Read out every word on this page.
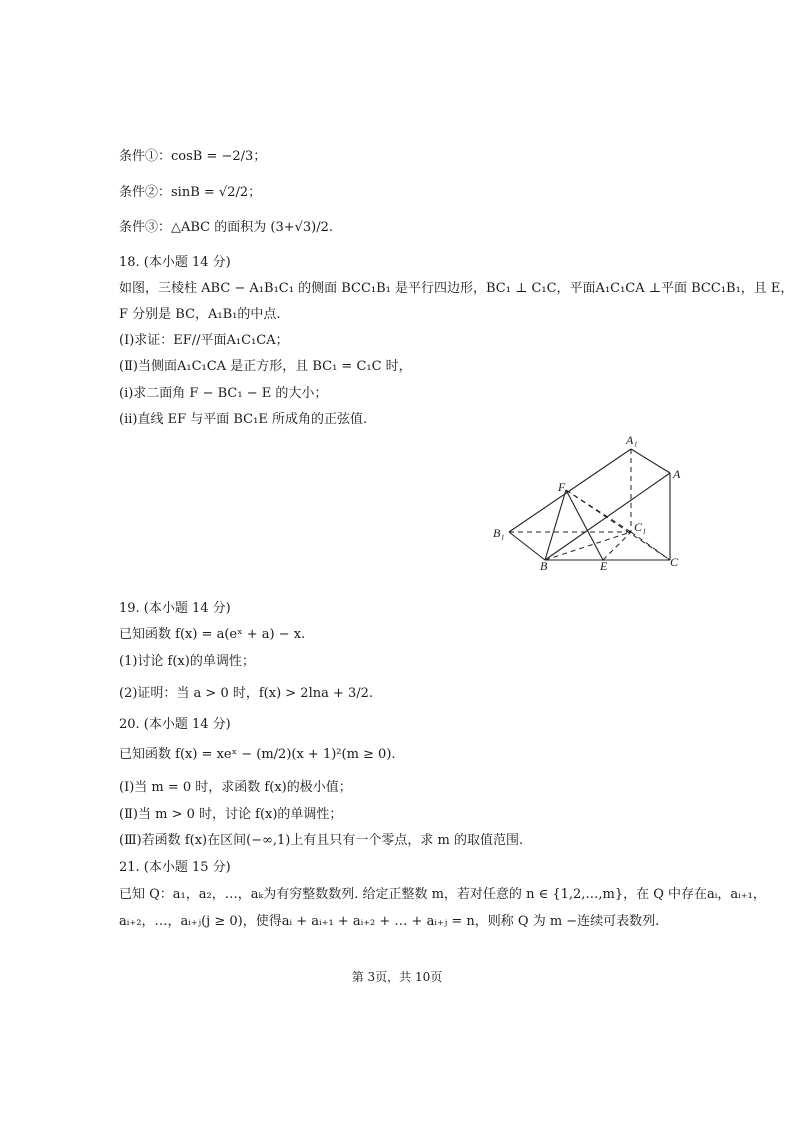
条件①：cosB = −2/3；
条件②：sinB = √2/2；
条件③：△ABC 的面积为 (3+√3)/2.
18. (本小题 14 分)
如图，三棱柱 ABC − A₁B₁C₁ 的侧面 BCC₁B₁ 是平行四边形，BC₁ ⊥ C₁C，平面A₁C₁CA ⊥平面 BCC₁B₁，且 E，
F 分别是 BC，A₁B₁的中点.
(Ⅰ)求证：EF//平面A₁C₁CA；
(Ⅱ)当侧面A₁C₁CA 是正方形，且 BC₁ = C₁C 时，
(i)求二面角 F − BC₁ − E 的大小；
(ii)直线 EF 与平面 BC₁E 所成角的正弦值.
A₁
A
F
C₁
B₁
B	E	C
19. (本小题 14 分)
已知函数 f(x) = a(eˣ + a) − x.
(1)讨论 f(x)的单调性；
(2)证明：当 a > 0 时，f(x) > 2lna + 3/2.
20. (本小题 14 分)
已知函数 f(x) = xeˣ − (m/2)(x + 1)²(m ≥ 0).
(Ⅰ)当 m = 0 时，求函数 f(x)的极小值；
(Ⅱ)当 m > 0 时，讨论 f(x)的单调性；
(Ⅲ)若函数 f(x)在区间(−∞,1)上有且只有一个零点，求 m 的取值范围.
21. (本小题 15 分)
已知 Q：a₁，a₂，…，aₖ为有穷整数数列. 给定正整数 m，若对任意的 n ∈ {1,2,…,m}，在 Q 中存在aᵢ，aᵢ₊₁，
aᵢ₊₂，…，aᵢ₊ⱼ(j ≥ 0)，使得aᵢ + aᵢ₊₁ + aᵢ₊₂ + … + aᵢ₊ⱼ = n，则称 Q 为 m −连续可表数列.
第 3页，共 10页
